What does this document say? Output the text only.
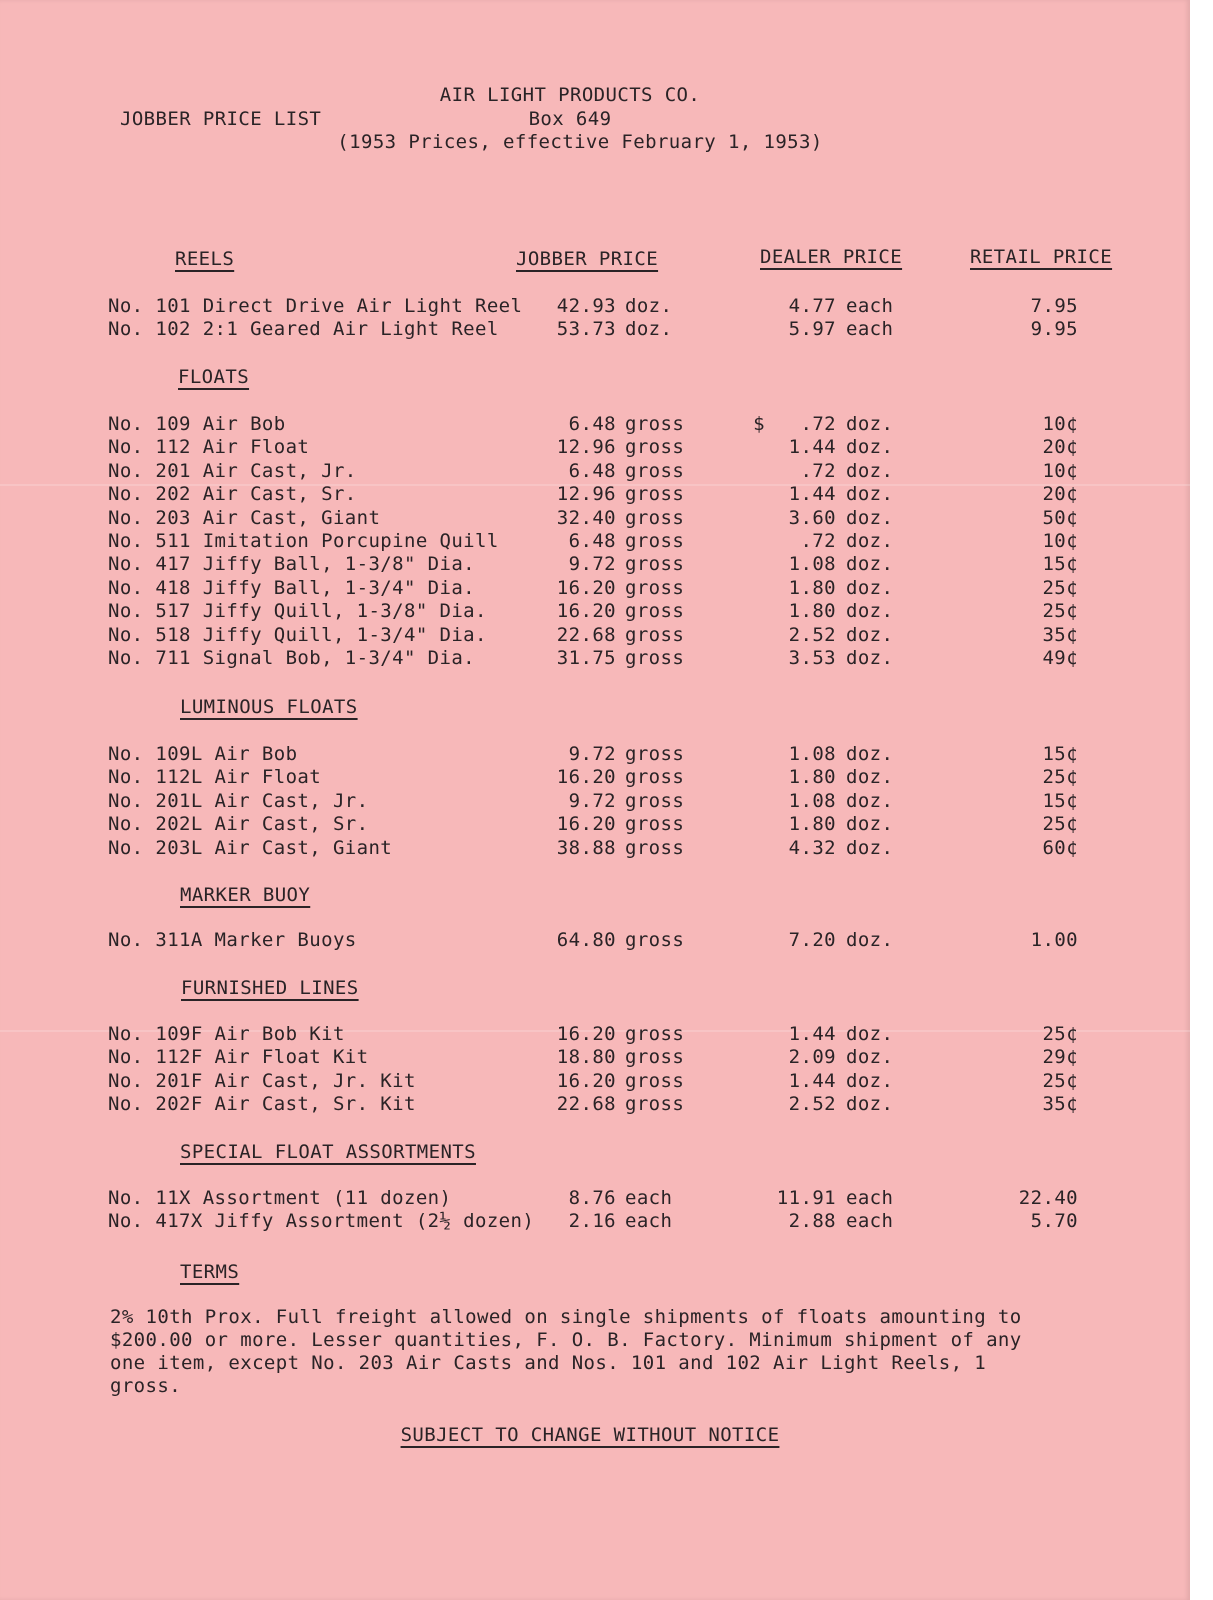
AIR LIGHT PRODUCTS CO.
JOBBER PRICE LIST	Box 649
(1953 Prices, effective February 1, 1953)
REELS	JOBBER PRICE	DEALER PRICE	RETAIL PRICE
No. 101 Direct Drive Air Light Reel	42.93 doz.	4.77 each	7.95
No. 102 2:1 Geared Air Light Reel	53.73 doz.	5.97 each	9.95
FLOATS
No. 109 Air Bob	6.48 gross	$   .72 doz.	10¢
No. 112 Air Float	12.96 gross	1.44 doz.	20¢
No. 201 Air Cast, Jr.	6.48 gross	.72 doz.	10¢
No. 202 Air Cast, Sr.	12.96 gross	1.44 doz.	20¢
No. 203 Air Cast, Giant	32.40 gross	3.60 doz.	50¢
No. 511 Imitation Porcupine Quill	6.48 gross	.72 doz.	10¢
No. 417 Jiffy Ball, 1-3/8" Dia.	9.72 gross	1.08 doz.	15¢
No. 418 Jiffy Ball, 1-3/4" Dia.	16.20 gross	1.80 doz.	25¢
No. 517 Jiffy Quill, 1-3/8" Dia.	16.20 gross	1.80 doz.	25¢
No. 518 Jiffy Quill, 1-3/4" Dia.	22.68 gross	2.52 doz.	35¢
No. 711 Signal Bob, 1-3/4" Dia.	31.75 gross	3.53 doz.	49¢
LUMINOUS FLOATS
No. 109L Air Bob	9.72 gross	1.08 doz.	15¢
No. 112L Air Float	16.20 gross	1.80 doz.	25¢
No. 201L Air Cast, Jr.	9.72 gross	1.08 doz.	15¢
No. 202L Air Cast, Sr.	16.20 gross	1.80 doz.	25¢
No. 203L Air Cast, Giant	38.88 gross	4.32 doz.	60¢
MARKER BUOY
No. 311A Marker Buoys	64.80 gross	7.20 doz.	1.00
FURNISHED LINES
No. 109F Air Bob Kit	16.20 gross	1.44 doz.	25¢
No. 112F Air Float Kit	18.80 gross	2.09 doz.	29¢
No. 201F Air Cast, Jr. Kit	16.20 gross	1.44 doz.	25¢
No. 202F Air Cast, Sr. Kit	22.68 gross	2.52 doz.	35¢
SPECIAL FLOAT ASSORTMENTS
No. 11X Assortment (11 dozen)	8.76 each	11.91 each	22.40
No. 417X Jiffy Assortment (2½ dozen)	2.16 each	2.88 each	5.70
TERMS
2% 10th Prox. Full freight allowed on single shipments of floats amounting to $200.00 or more. Lesser quantities, F. O. B. Factory. Minimum shipment of any one item, except No. 203 Air Casts and Nos. 101 and 102 Air Light Reels, 1 gross.
SUBJECT TO CHANGE WITHOUT NOTICE
